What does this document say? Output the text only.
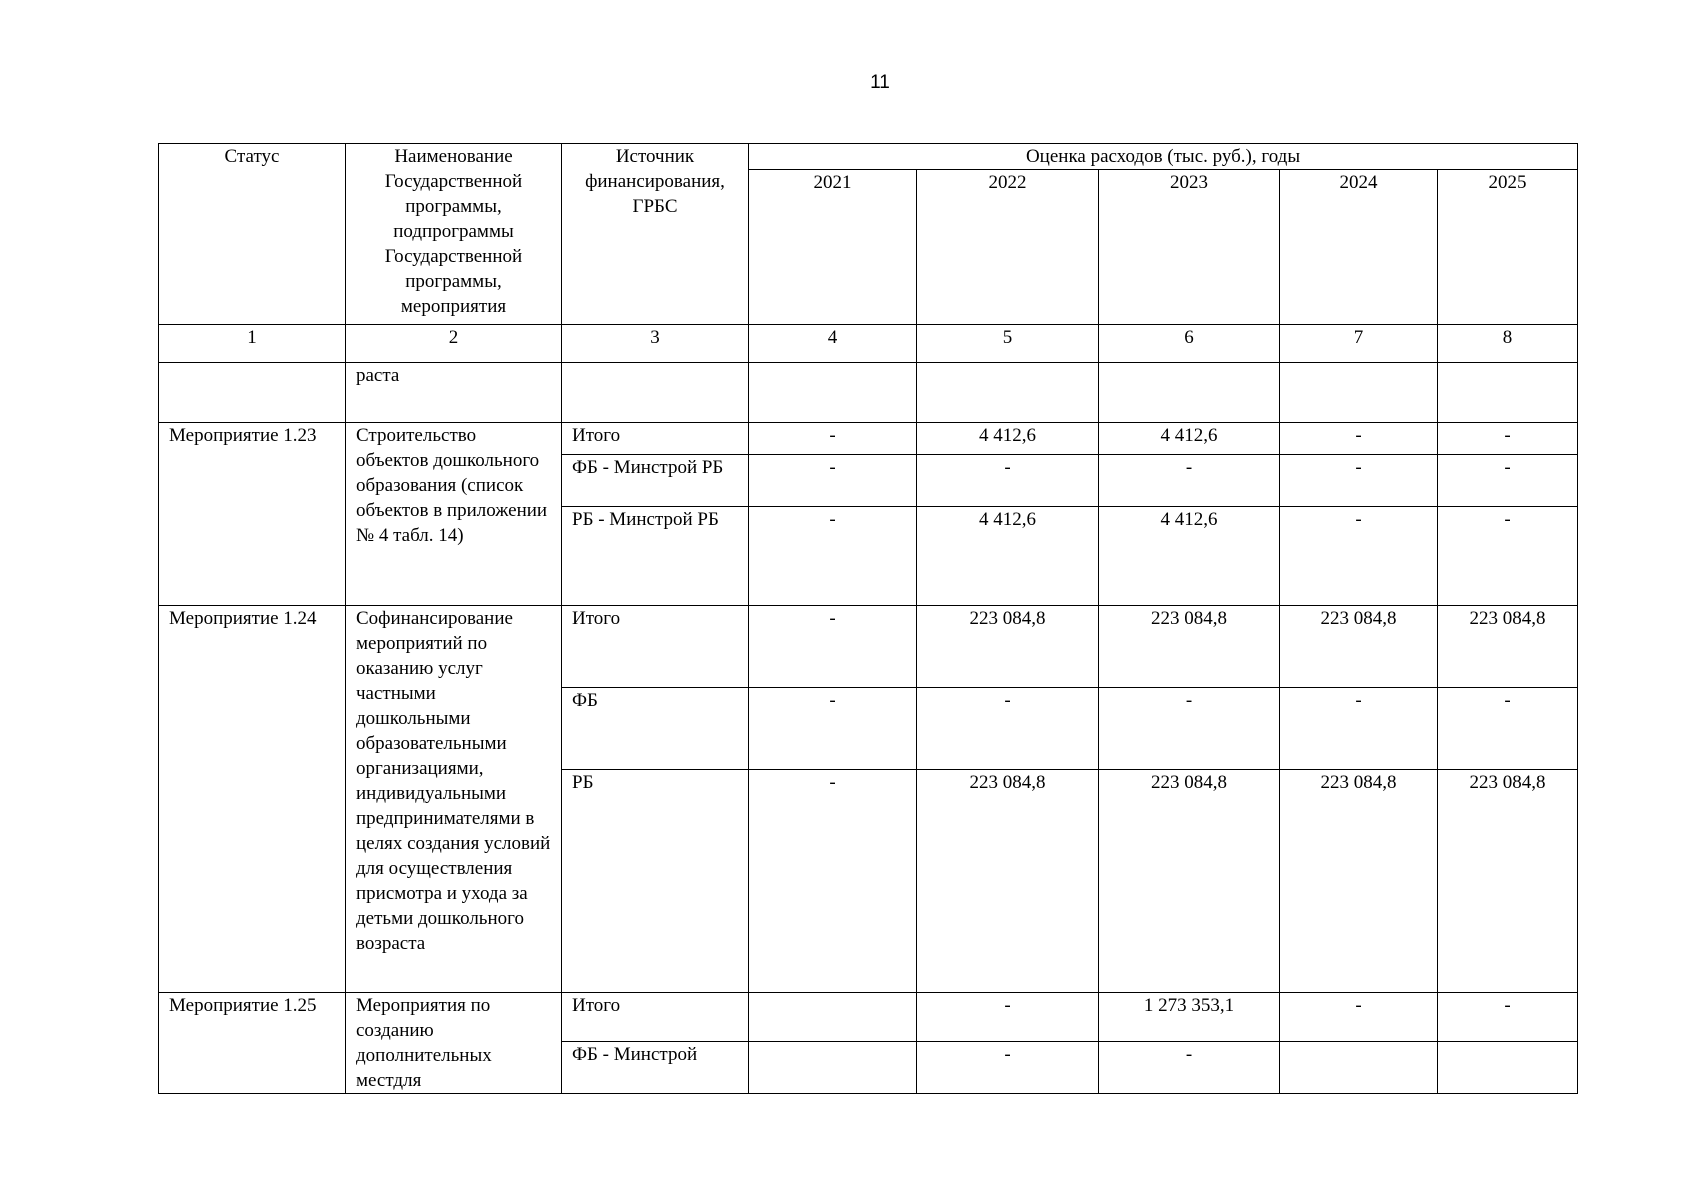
11
Статус	Наименование Государственной программы, подпрограммы Государственной программы, мероприятия	Источник финансирования, ГРБС	Оценка расходов (тыс. руб.), годы				
			2021	2022	2023	2024	2025
1	2	3	4	5	6	7	8
	раста						
Мероприятие 1.23	Строительство объектов дошкольного образования (список объектов в приложении № 4 табл. 14)	Итого	-	4 412,6	4 412,6	-	-
		ФБ - Минстрой РБ	-	-	-	-	-
		РБ - Минстрой РБ	-	4 412,6	4 412,6	-	-
Мероприятие 1.24	Софинансирование мероприятий по оказанию услуг частными дошкольными образовательными организациями, индивидуальными предпринимателями в целях создания условий для осуществления присмотра и ухода за детьми дошкольного возраста	Итого	-	223 084,8	223 084,8	223 084,8	223 084,8
		ФБ	-	-	-	-	-
		РБ	-	223 084,8	223 084,8	223 084,8	223 084,8
Мероприятие 1.25	Мероприятия по созданию дополнительных местдля	Итого		-	1 273 353,1	-	-
		ФБ - Минстрой		-	-		
